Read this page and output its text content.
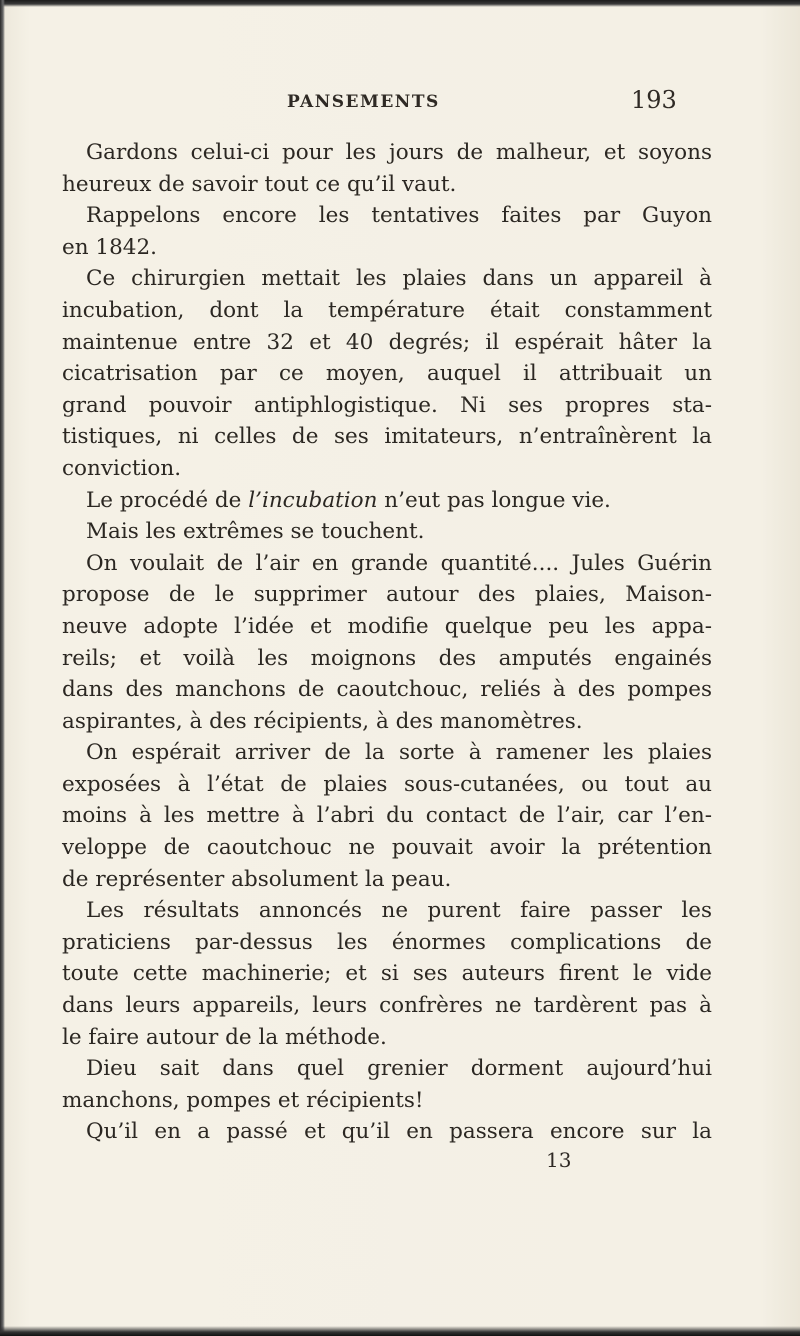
PANSEMENTS	193
Gardons celui-ci pour les jours de malheur, et soyons
heureux de savoir tout ce qu’il vaut.
Rappelons encore les tentatives faites par Guyon
en 1842.
Ce chirurgien mettait les plaies dans un appareil à
incubation, dont la température était constamment
maintenue entre 32 et 40 degrés; il espérait hâter la
cicatrisation par ce moyen, auquel il attribuait un
grand pouvoir antiphlogistique. Ni ses propres sta-
tistiques, ni celles de ses imitateurs, n’entraînèrent la
conviction.
Le procédé de l’incubation n’eut pas longue vie.
Mais les extrêmes se touchent.
On voulait de l’air en grande quantité.... Jules Guérin
propose de le supprimer autour des plaies, Maison-
neuve adopte l’idée et modifie quelque peu les appa-
reils; et voilà les moignons des amputés engainés
dans des manchons de caoutchouc, reliés à des pompes
aspirantes, à des récipients, à des manomètres.
On espérait arriver de la sorte à ramener les plaies
exposées à l’état de plaies sous-cutanées, ou tout au
moins à les mettre à l’abri du contact de l’air, car l’en-
veloppe de caoutchouc ne pouvait avoir la prétention
de représenter absolument la peau.
Les résultats annoncés ne purent faire passer les
praticiens par-dessus les énormes complications de
toute cette machinerie; et si ses auteurs firent le vide
dans leurs appareils, leurs confrères ne tardèrent pas à
le faire autour de la méthode.
Dieu sait dans quel grenier dorment aujourd’hui
manchons, pompes et récipients!
Qu’il en a passé et qu’il en passera encore sur la
13
